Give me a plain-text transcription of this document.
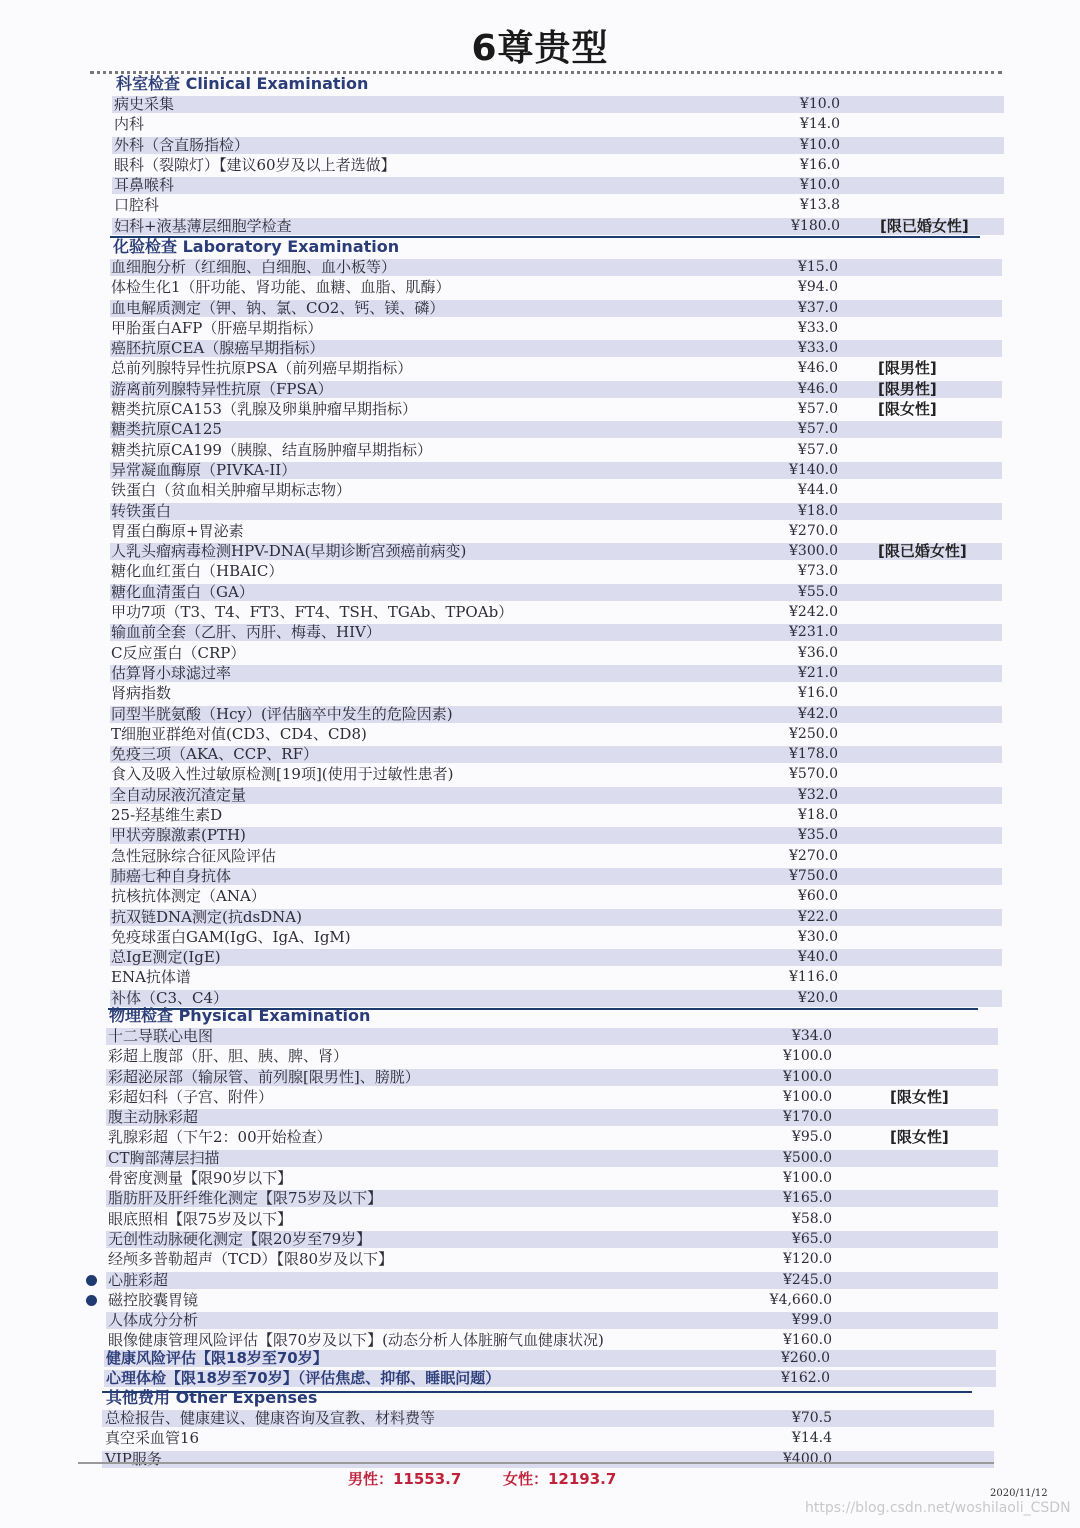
6尊贵型
科室检查 Clinical Examination
病史采集	¥10.0
内科	¥14.0
外科（含直肠指检）	¥10.0
眼科（裂隙灯）【建议60岁及以上者选做】	¥16.0
耳鼻喉科	¥10.0
口腔科	¥13.8
妇科+液基薄层细胞学检查	¥180.0	[限已婚女性]
化验检查 Laboratory Examination
血细胞分析（红细胞、白细胞、血小板等）	¥15.0
体检生化1（肝功能、肾功能、血糖、血脂、肌酶）	¥94.0
血电解质测定（钾、钠、氯、CO2、钙、镁、磷）	¥37.0
甲胎蛋白AFP（肝癌早期指标）	¥33.0
癌胚抗原CEA（腺癌早期指标）	¥33.0
总前列腺特异性抗原PSA（前列癌早期指标）	¥46.0	[限男性]
游离前列腺特异性抗原（FPSA）	¥46.0	[限男性]
糖类抗原CA153（乳腺及卵巢肿瘤早期指标）	¥57.0	[限女性]
糖类抗原CA125	¥57.0
糖类抗原CA199（胰腺、结直肠肿瘤早期指标）	¥57.0
异常凝血酶原（PIVKA-II）	¥140.0
铁蛋白（贫血相关肿瘤早期标志物）	¥44.0
转铁蛋白	¥18.0
胃蛋白酶原+胃泌素	¥270.0
人乳头瘤病毒检测HPV-DNA(早期诊断宫颈癌前病变)	¥300.0	[限已婚女性]
糖化血红蛋白（HBAIC）	¥73.0
糖化血清蛋白（GA）	¥55.0
甲功7项（T3、T4、FT3、FT4、TSH、TGAb、TPOAb）	¥242.0
输血前全套（乙肝、丙肝、梅毒、HIV）	¥231.0
C反应蛋白（CRP）	¥36.0
估算肾小球滤过率	¥21.0
肾病指数	¥16.0
同型半胱氨酸（Hcy）(评估脑卒中发生的危险因素)	¥42.0
T细胞亚群绝对值(CD3、CD4、CD8)	¥250.0
免疫三项（AKA、CCP、RF）	¥178.0
食入及吸入性过敏原检测[19项](使用于过敏性患者)	¥570.0
全自动尿液沉渣定量	¥32.0
25-羟基维生素D	¥18.0
甲状旁腺激素(PTH)	¥35.0
急性冠脉综合征风险评估	¥270.0
肺癌七种自身抗体	¥750.0
抗核抗体测定（ANA）	¥60.0
抗双链DNA测定(抗dsDNA)	¥22.0
免疫球蛋白GAM(IgG、IgA、IgM)	¥30.0
总IgE测定(IgE)	¥40.0
ENA抗体谱	¥116.0
补体（C3、C4）	¥20.0
物理检查 Physical Examination
十二导联心电图	¥34.0
彩超上腹部（肝、胆、胰、脾、肾）	¥100.0
彩超泌尿部（输尿管、前列腺[限男性]、膀胱）	¥100.0
彩超妇科（子宫、附件）	¥100.0	[限女性]
腹主动脉彩超	¥170.0
乳腺彩超（下午2：00开始检查）	¥95.0	[限女性]
CT胸部薄层扫描	¥500.0
骨密度测量【限90岁以下】	¥100.0
脂肪肝及肝纤维化测定【限75岁及以下】	¥165.0
眼底照相【限75岁及以下】	¥58.0
无创性动脉硬化测定【限20岁至79岁】	¥65.0
经颅多普勒超声（TCD）【限80岁及以下】	¥120.0
心脏彩超	¥245.0
磁控胶囊胃镜	¥4,660.0
人体成分分析	¥99.0
眼像健康管理风险评估【限70岁及以下】(动态分析人体脏腑气血健康状况)	¥160.0
健康风险评估【限18岁至70岁】	¥260.0
心理体检【限18岁至70岁】（评估焦虑、抑郁、睡眠问题）	¥162.0
其他费用 Other Expenses
总检报告、健康建议、健康咨询及宣教、材料费等	¥70.5
真空采血管16	¥14.4
VIP服务	¥400.0
男性：11553.7	女性：12193.7
2020/11/12
https://blog.csdn.net/woshilaoli_CSDN
